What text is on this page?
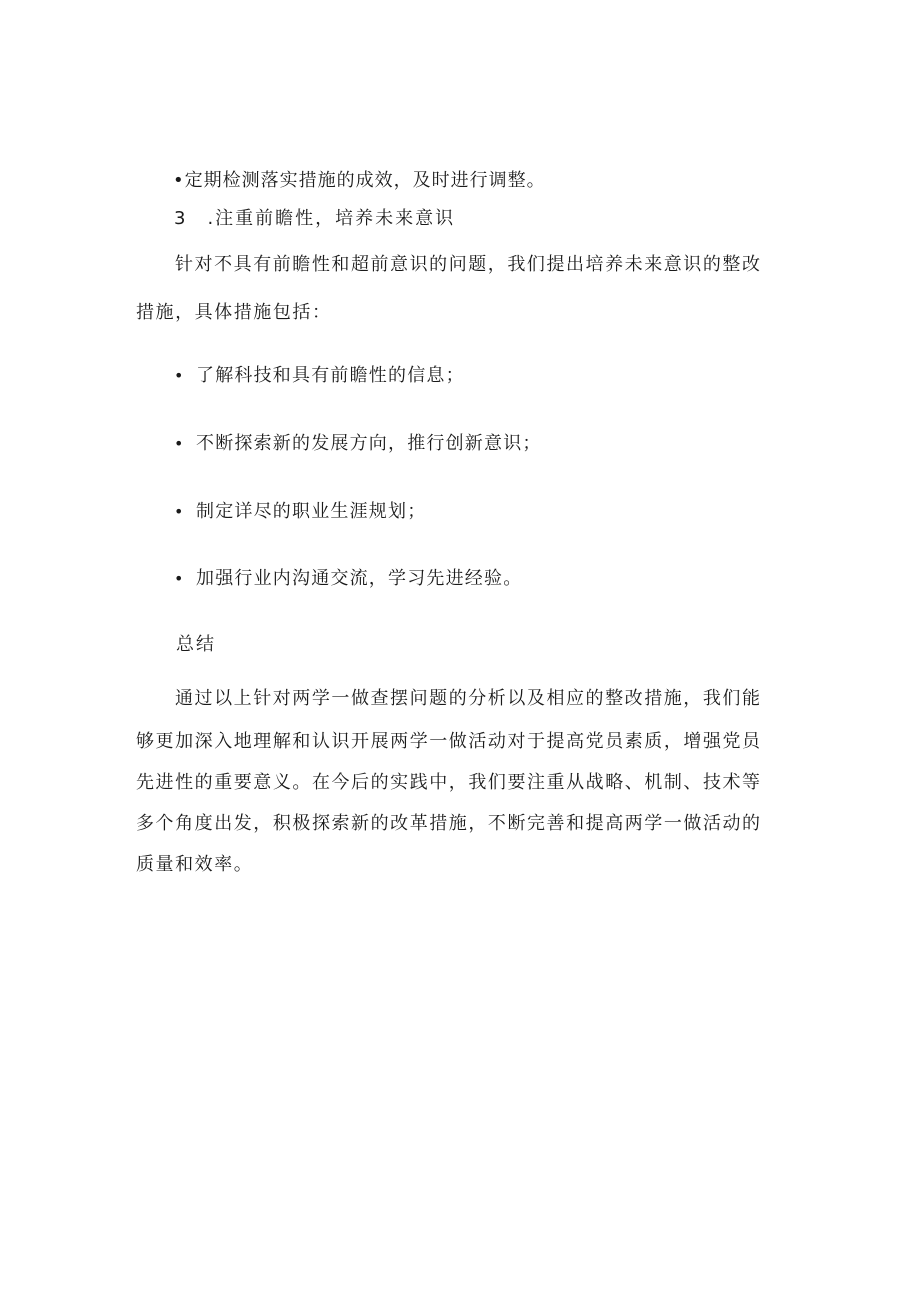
•定期检测落实措施的成效，及时进行调整。
3　.注重前瞻性，培养未来意识
针对不具有前瞻性和超前意识的问题，我们提出培养未来意识的整改
措施，具体措施包括：
• 了解科技和具有前瞻性的信息；
• 不断探索新的发展方向，推行创新意识；
• 制定详尽的职业生涯规划；
• 加强行业内沟通交流，学习先进经验。
总结
通过以上针对两学一做查摆问题的分析以及相应的整改措施，我们能
够更加深入地理解和认识开展两学一做活动对于提高党员素质，增强党员
先进性的重要意义。在今后的实践中，我们要注重从战略、机制、技术等
多个角度出发，积极探索新的改革措施，不断完善和提高两学一做活动的
质量和效率。
